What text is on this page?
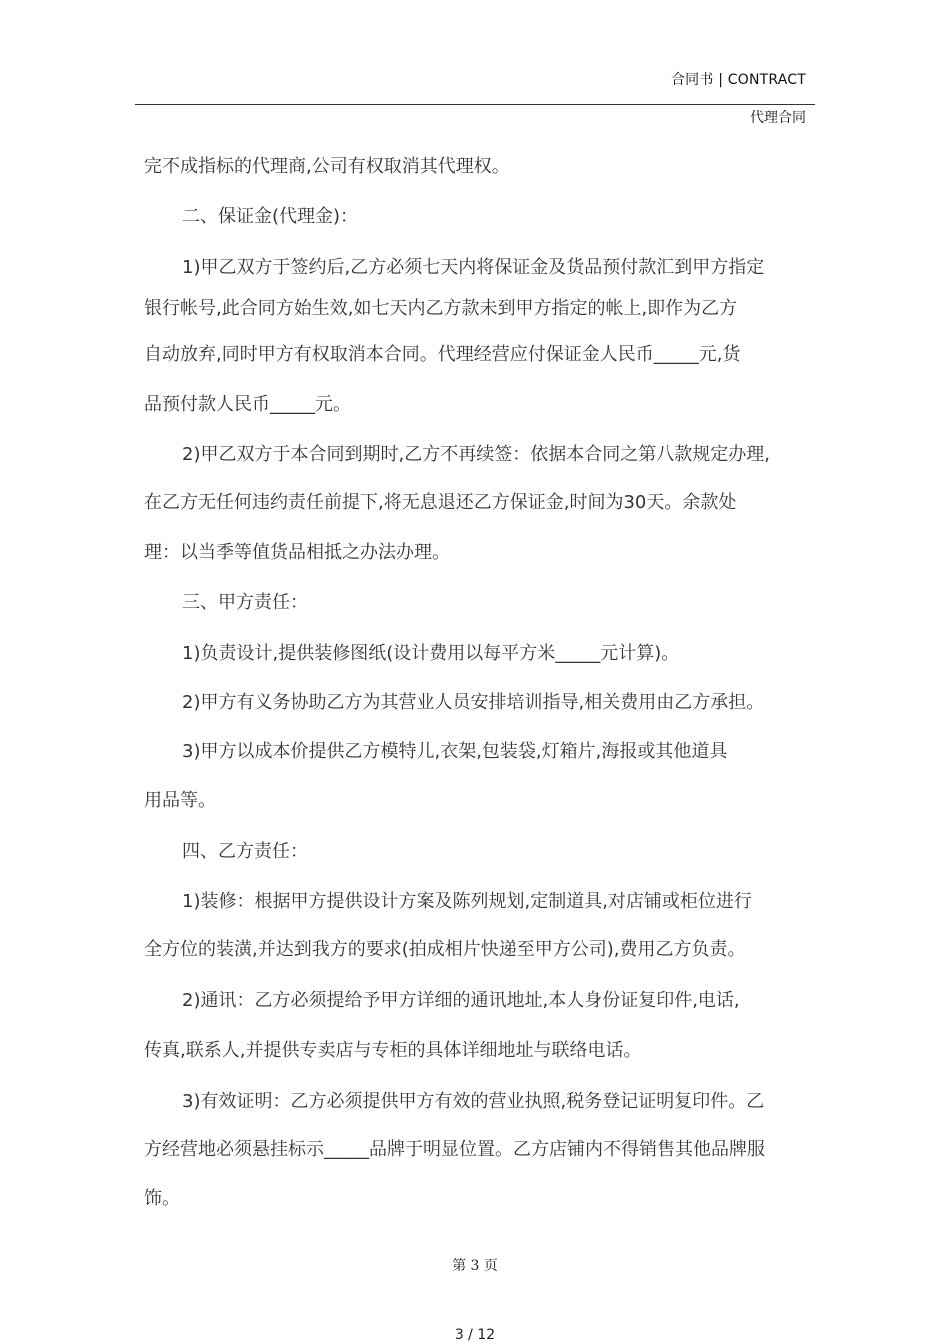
合同书 | CONTRACT
代理合同
完不成指标的代理商,公司有权取消其代理权。
二、保证金(代理金)：
1)甲乙双方于签约后,乙方必须七天内将保证金及货品预付款汇到甲方指定
银行帐号,此合同方始生效,如七天内乙方款未到甲方指定的帐上,即作为乙方
自动放弃,同时甲方有权取消本合同。代理经营应付保证金人民币_____元,货
品预付款人民币_____元。
2)甲乙双方于本合同到期时,乙方不再续签：依据本合同之第八款规定办理,
在乙方无任何违约责任前提下,将无息退还乙方保证金,时间为30天。余款处
理：以当季等值货品相抵之办法办理。
三、甲方责任：
1)负责设计,提供装修图纸(设计费用以每平方米_____元计算)。
2)甲方有义务协助乙方为其营业人员安排培训指导,相关费用由乙方承担。
3)甲方以成本价提供乙方模特儿,衣架,包装袋,灯箱片,海报或其他道具
用品等。
四、乙方责任：
1)装修：根据甲方提供设计方案及陈列规划,定制道具,对店铺或柜位进行
全方位的装潢,并达到我方的要求(拍成相片快递至甲方公司),费用乙方负责。
2)通讯：乙方必须提给予甲方详细的通讯地址,本人身份证复印件,电话,
传真,联系人,并提供专卖店与专柜的具体详细地址与联络电话。
3)有效证明：乙方必须提供甲方有效的营业执照,税务登记证明复印件。乙
方经营地必须悬挂标示_____品牌于明显位置。乙方店铺内不得销售其他品牌服
饰。
第 3 页
3 / 12
